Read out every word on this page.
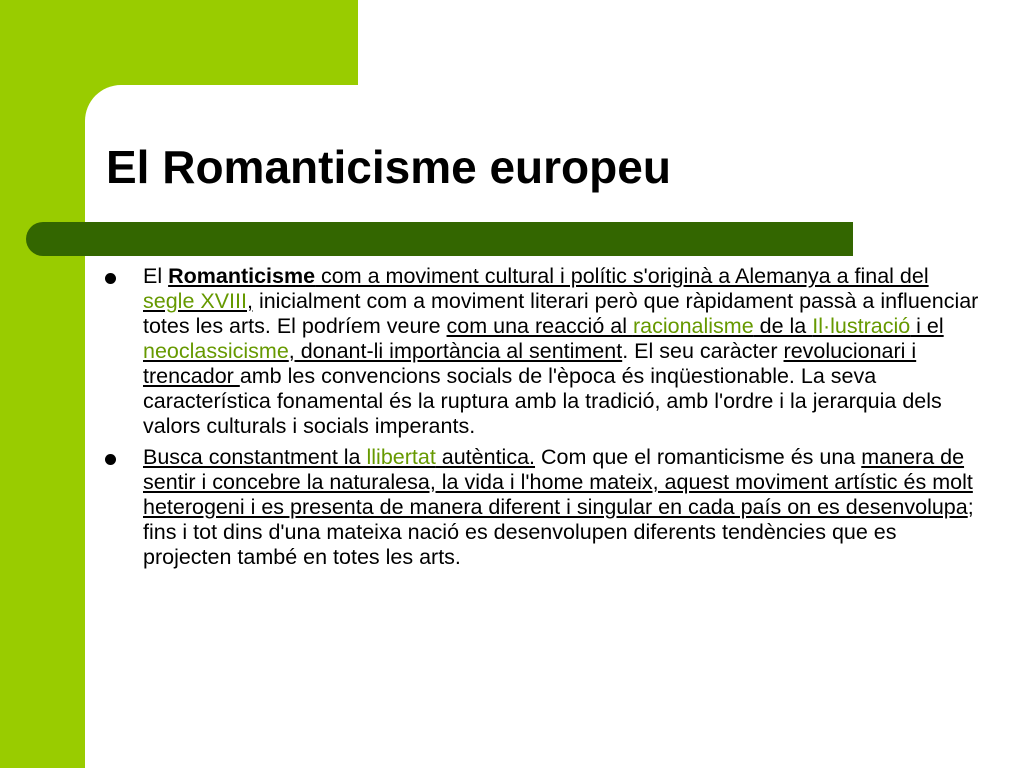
El Romanticisme europeu
El Romanticisme com a moviment cultural i polític s'originà a Alemanya a final del segle XVIII, inicialment com a moviment literari però que ràpidament passà a influenciar totes les arts. El podríem veure com una reacció al racionalisme de la Il·lustració i el neoclassicisme, donant-li importància al sentiment. El seu caràcter revolucionari i trencador amb les convencions socials de l'època és inqüestionable. La seva característica fonamental és la ruptura amb la tradició, amb l'ordre i la jerarquia dels valors culturals i socials imperants.
Busca constantment la llibertat autèntica. Com que el romanticisme és una manera de sentir i concebre la naturalesa, la vida i l'home mateix, aquest moviment artístic és molt heterogeni i es presenta de manera diferent i singular en cada país on es desenvolupa; fins i tot dins d'una mateixa nació es desenvolupen diferents tendències que es projecten també en totes les arts.
